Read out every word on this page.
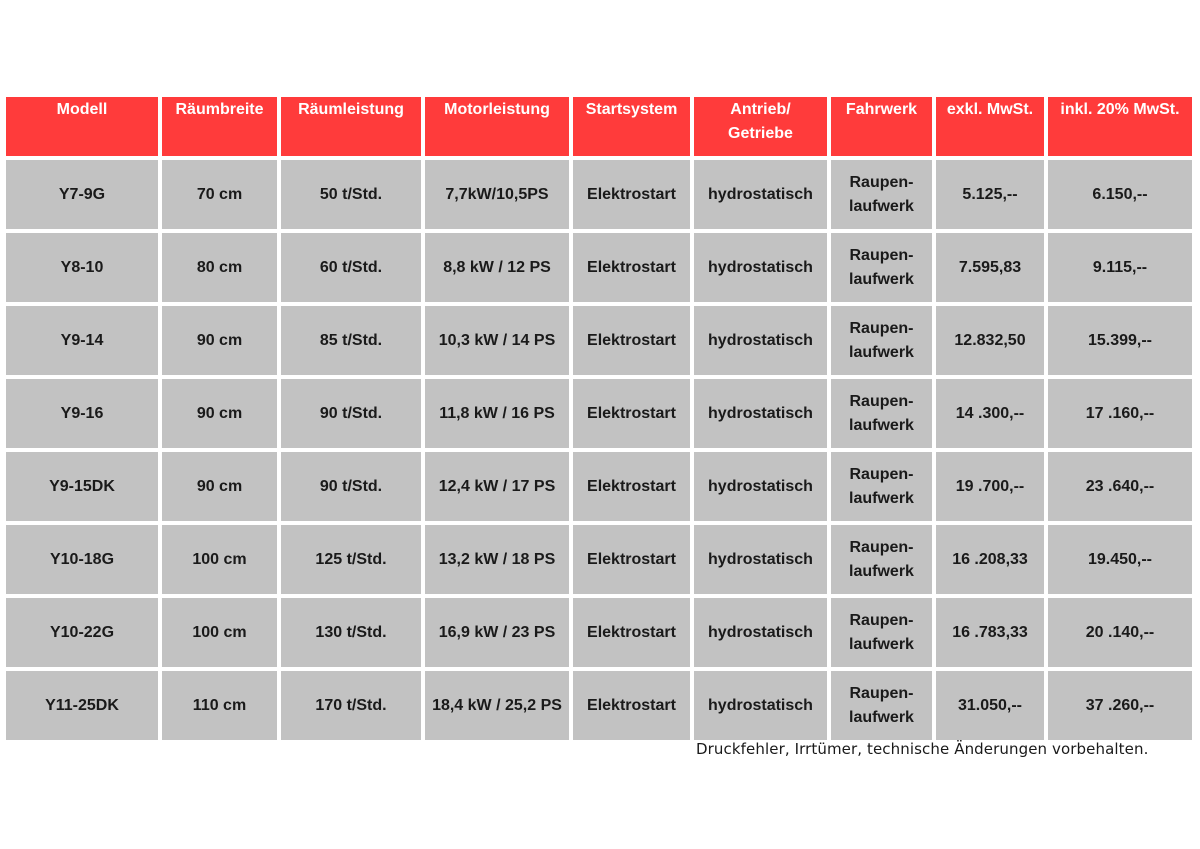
Modell	Räumbreite	Räumleistung	Motorleistung	Startsystem	Antrieb/ Getriebe	Fahrwerk	exkl. MwSt.	inkl. 20% MwSt.
Y7-9G	70 cm	50 t/Std.	7,7kW/10,5PS	Elektrostart	hydrostatisch	Raupen- laufwerk	5.125,--	6.150,--
Y8-10	80 cm	60 t/Std.	8,8 kW / 12 PS	Elektrostart	hydrostatisch	Raupen- laufwerk	7.595,83	9.115,--
Y9-14	90 cm	85 t/Std.	10,3 kW / 14 PS	Elektrostart	hydrostatisch	Raupen- laufwerk	12.832,50	15.399,--
Y9-16	90 cm	90 t/Std.	11,8 kW / 16 PS	Elektrostart	hydrostatisch	Raupen- laufwerk	14 .300,--	17 .160,--
Y9-15DK	90 cm	90 t/Std.	12,4 kW / 17 PS	Elektrostart	hydrostatisch	Raupen- laufwerk	19 .700,--	23 .640,--
Y10-18G	100 cm	125 t/Std.	13,2 kW / 18 PS	Elektrostart	hydrostatisch	Raupen- laufwerk	16 .208,33	19.450,--
Y10-22G	100 cm	130 t/Std.	16,9 kW / 23 PS	Elektrostart	hydrostatisch	Raupen- laufwerk	16 .783,33	20 .140,--
Y11-25DK	110 cm	170 t/Std.	18,4 kW / 25,2 PS	Elektrostart	hydrostatisch	Raupen- laufwerk	31.050,--	37 .260,--
Druckfehler, Irrtümer, technische Änderungen vorbehalten.
